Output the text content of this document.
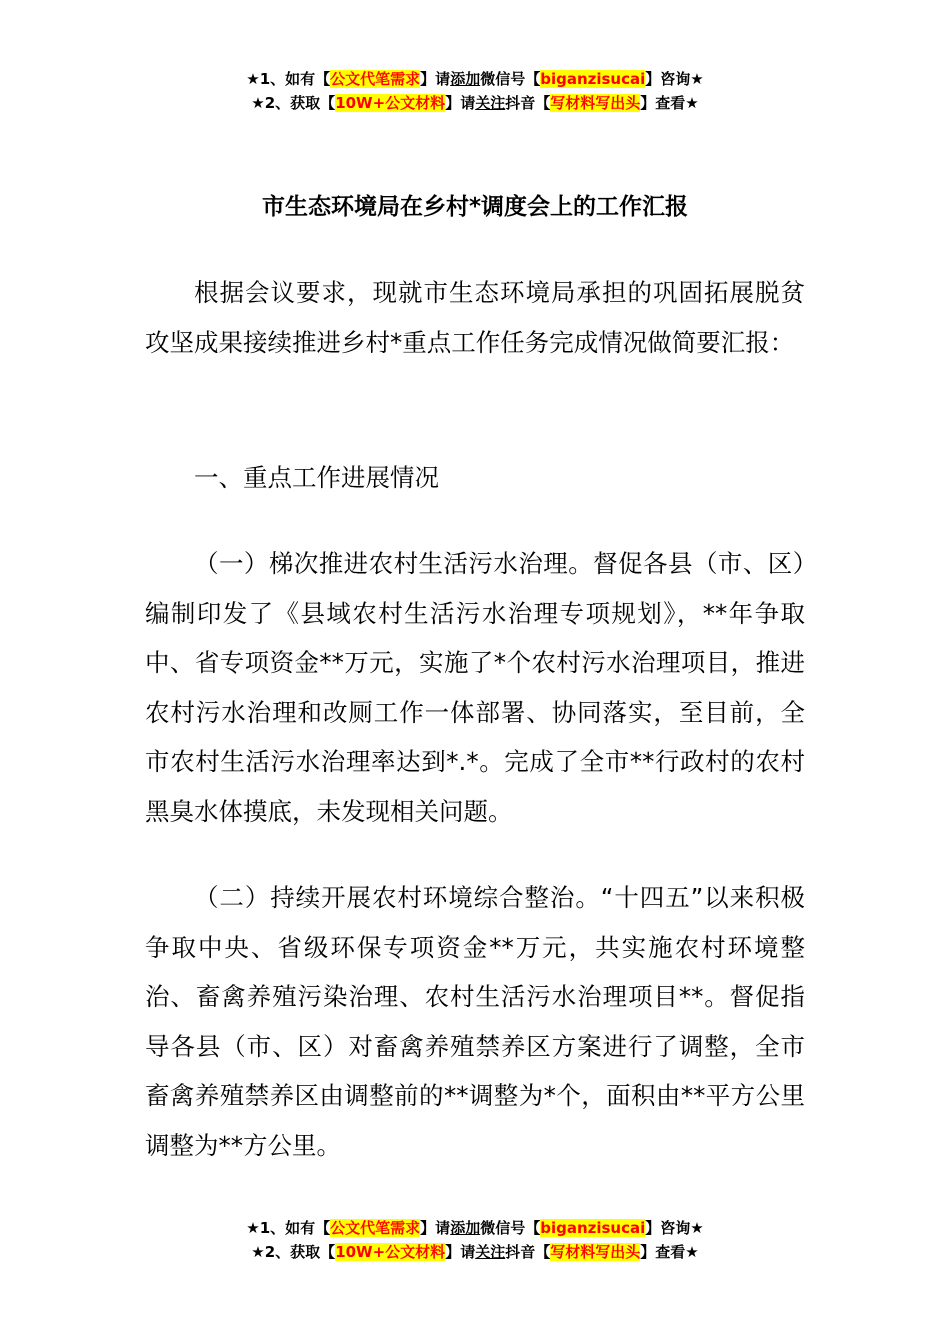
★1、如有【公文代笔需求】请添加微信号【biganzisucai】咨询★
★2、获取【10W+公文材料】请关注抖音【写材料写出头】查看★
市生态环境局在乡村*调度会上的工作汇报

根据会议要求，现就市生态环境局承担的巩固拓展脱贫攻坚成果接续推进乡村*重点工作任务完成情况做简要汇报：

一、重点工作进展情况

（一）梯次推进农村生活污水治理。督促各县（市、区）编制印发了《县域农村生活污水治理专项规划》，**年争取中、省专项资金**万元，实施了*个农村污水治理项目，推进农村污水治理和改厕工作一体部署、协同落实，至目前，全市农村生活污水治理率达到*.*。完成了全市**行政村的农村黑臭水体摸底，未发现相关问题。

（二）持续开展农村环境综合整治。“十四五”以来积极争取中央、省级环保专项资金**万元，共实施农村环境整治、畜禽养殖污染治理、农村生活污水治理项目**。督促指导各县（市、区）对畜禽养殖禁养区方案进行了调整，全市畜禽养殖禁养区由调整前的**调整为*个，面积由**平方公里调整为**方公里。

★1、如有【公文代笔需求】请添加微信号【biganzisucai】咨询★
★2、获取【10W+公文材料】请关注抖音【写材料写出头】查看★
